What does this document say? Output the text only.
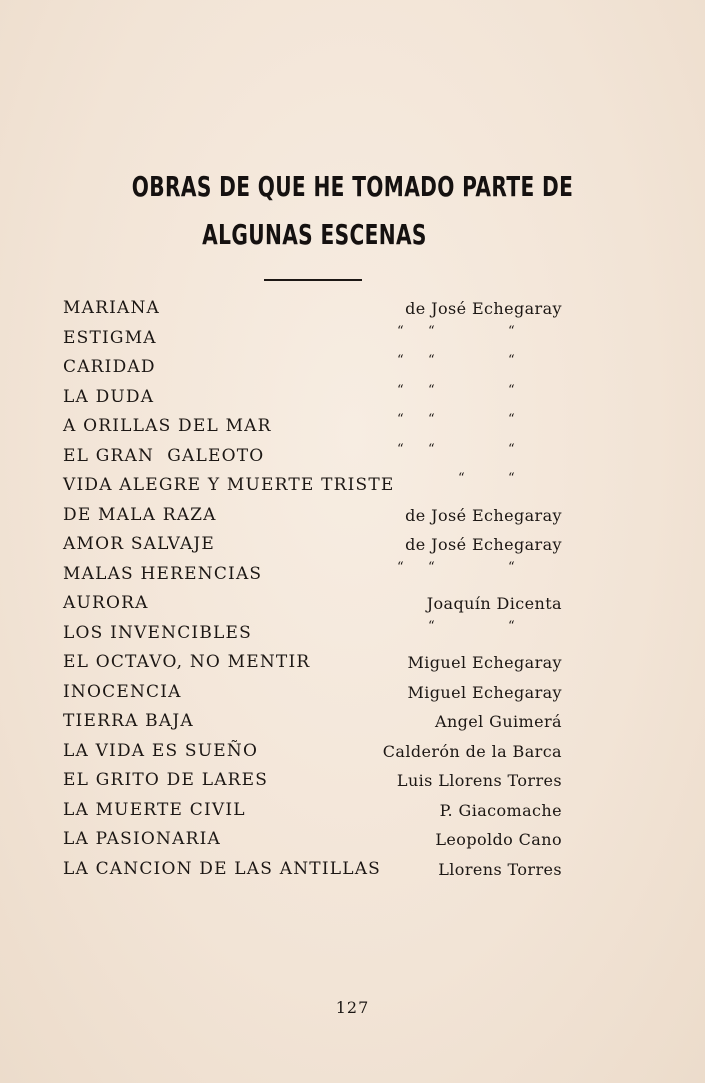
OBRAS DE QUE HE TOMADO PARTE DE
ALGUNAS ESCENAS
MARIANA	de José Echegaray
ESTIGMA	“ “	“
CARIDAD	“ “	“
LA DUDA	“ “	“
A ORILLAS DEL MAR	“ “	“
EL GRAN  GALEOTO	“ “	“
VIDA ALEGRE Y MUERTE TRISTE	“	“
DE MALA RAZA	de José Echegaray
AMOR SALVAJE	de José Echegaray
MALAS HERENCIAS	“ “	“
AURORA	Joaquín Dicenta
LOS INVENCIBLES	“	“
EL OCTAVO, NO MENTIR	Miguel Echegaray
INOCENCIA	Miguel Echegaray
TIERRA BAJA	Angel Guimerá
LA VIDA ES SUEÑO	Calderón de la Barca
EL GRITO DE LARES	Luis Llorens Torres
LA MUERTE CIVIL	P. Giacomache
LA PASIONARIA	Leopoldo Cano
LA CANCION DE LAS ANTILLAS	Llorens Torres
127
